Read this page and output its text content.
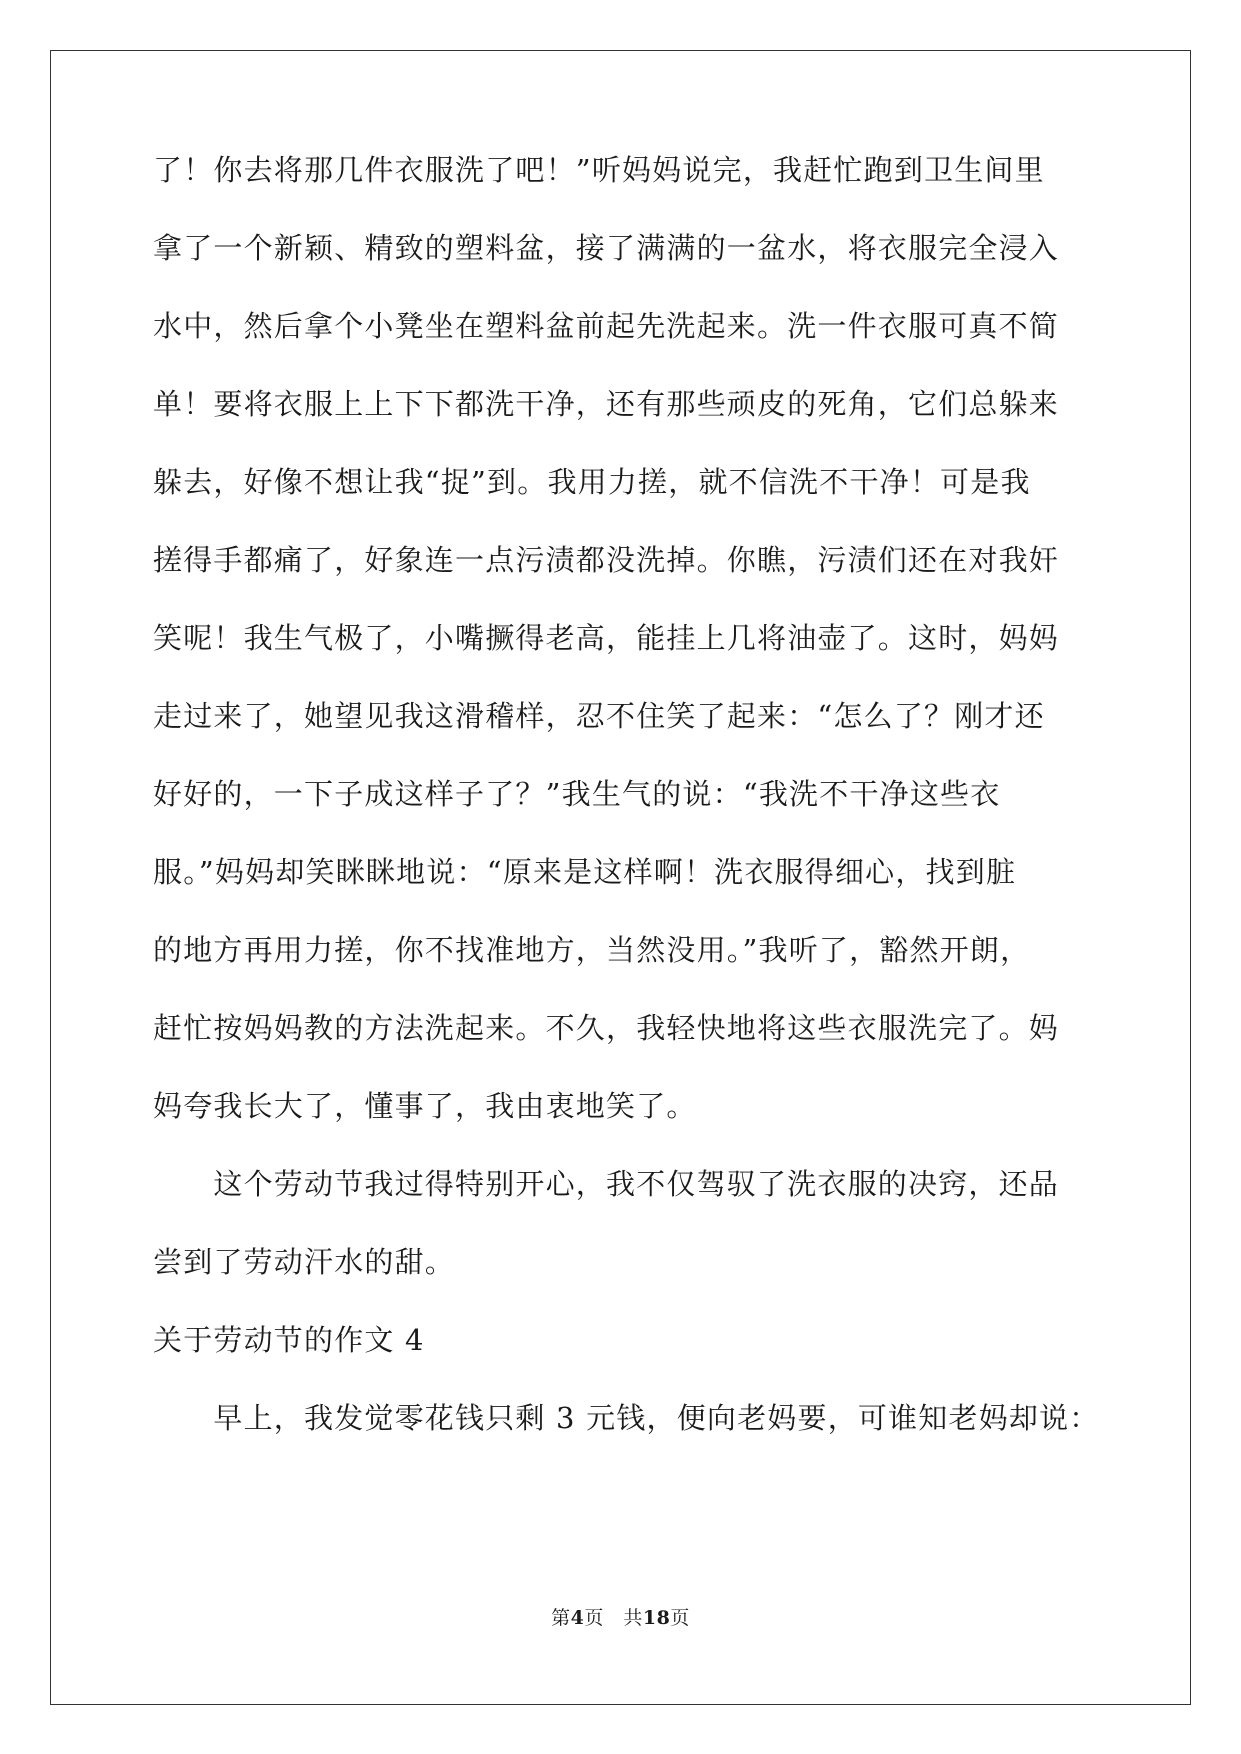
了！你去将那几件衣服洗了吧！”听妈妈说完，我赶忙跑到卫生间里
拿了一个新颖、精致的塑料盆，接了满满的一盆水，将衣服完全浸入
水中，然后拿个小凳坐在塑料盆前起先洗起来。洗一件衣服可真不简
单！要将衣服上上下下都洗干净，还有那些顽皮的死角，它们总躲来
躲去，好像不想让我“捉”到。我用力搓，就不信洗不干净！可是我
搓得手都痛了，好象连一点污渍都没洗掉。你瞧，污渍们还在对我奸
笑呢！我生气极了，小嘴撅得老高，能挂上几将油壶了。这时，妈妈
走过来了，她望见我这滑稽样，忍不住笑了起来：“怎么了？刚才还
好好的，一下子成这样子了？”我生气的说：“我洗不干净这些衣
服。”妈妈却笑眯眯地说：“原来是这样啊！洗衣服得细心，找到脏
的地方再用力搓，你不找准地方，当然没用。”我听了，豁然开朗，
赶忙按妈妈教的方法洗起来。不久，我轻快地将这些衣服洗完了。妈
妈夸我长大了，懂事了，我由衷地笑了。
　　这个劳动节我过得特别开心，我不仅驾驭了洗衣服的决窍，还品
尝到了劳动汗水的甜。
关于劳动节的作文 4
　　早上，我发觉零花钱只剩 3 元钱，便向老妈要，可谁知老妈却说：
第4页　共18页
